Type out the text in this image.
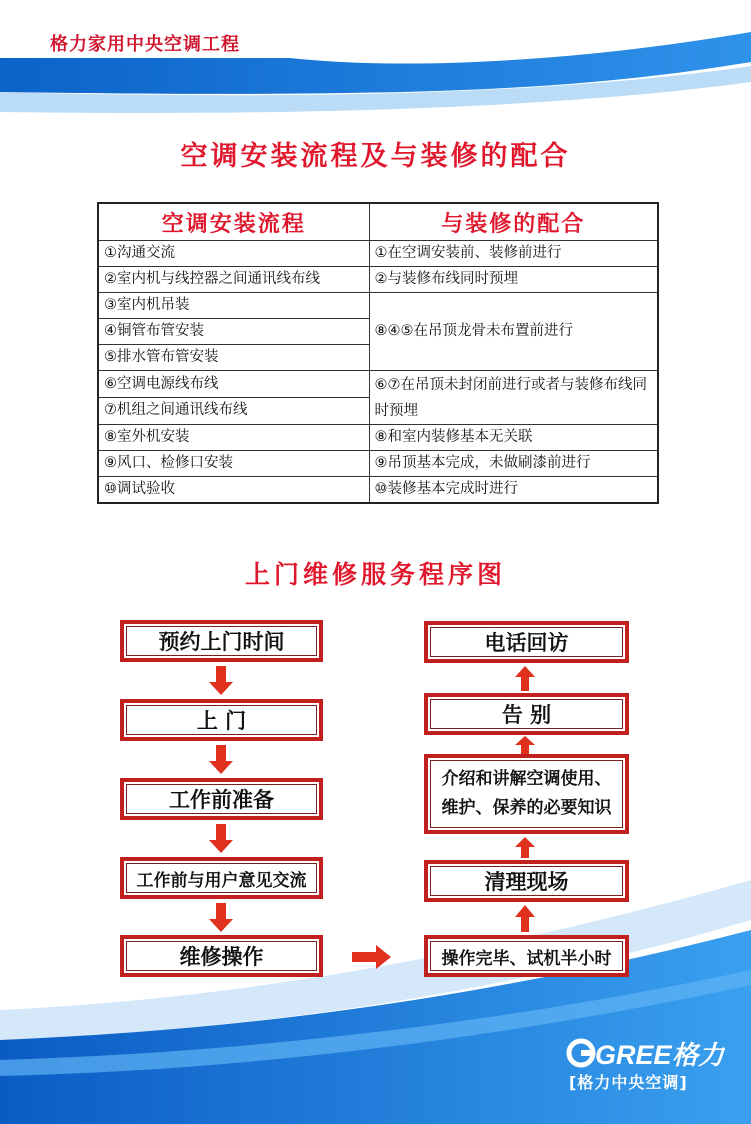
格力家用中央空调工程
空调安装流程及与装修的配合
空调安装流程	与装修的配合
①沟通交流	①在空调安装前、装修前进行
②室内机与线控器之间通讯线布线	②与装修布线同时预埋
③室内机吊装	⑧④⑤在吊顶龙骨未布置前进行
④铜管布管安装	
⑤排水管布管安装	
⑥空调电源线布线	⑥⑦在吊顶未封闭前进行或者与装修布线同时预埋
⑦机组之间通讯线布线	
⑧室外机安装	⑧和室内装修基本无关联
⑨风口、检修口安装	⑨吊顶基本完成，未做刷漆前进行
⑩调试验收	⑩装修基本完成时进行
上门维修服务程序图
预约上门时间
上 门
工作前准备
工作前与用户意见交流
维修操作	操作完毕、试机半小时
清理现场
介绍和讲解空调使用、维护、保养的必要知识
告 别
电话回访
GREE 格力
[格力中央空调]
